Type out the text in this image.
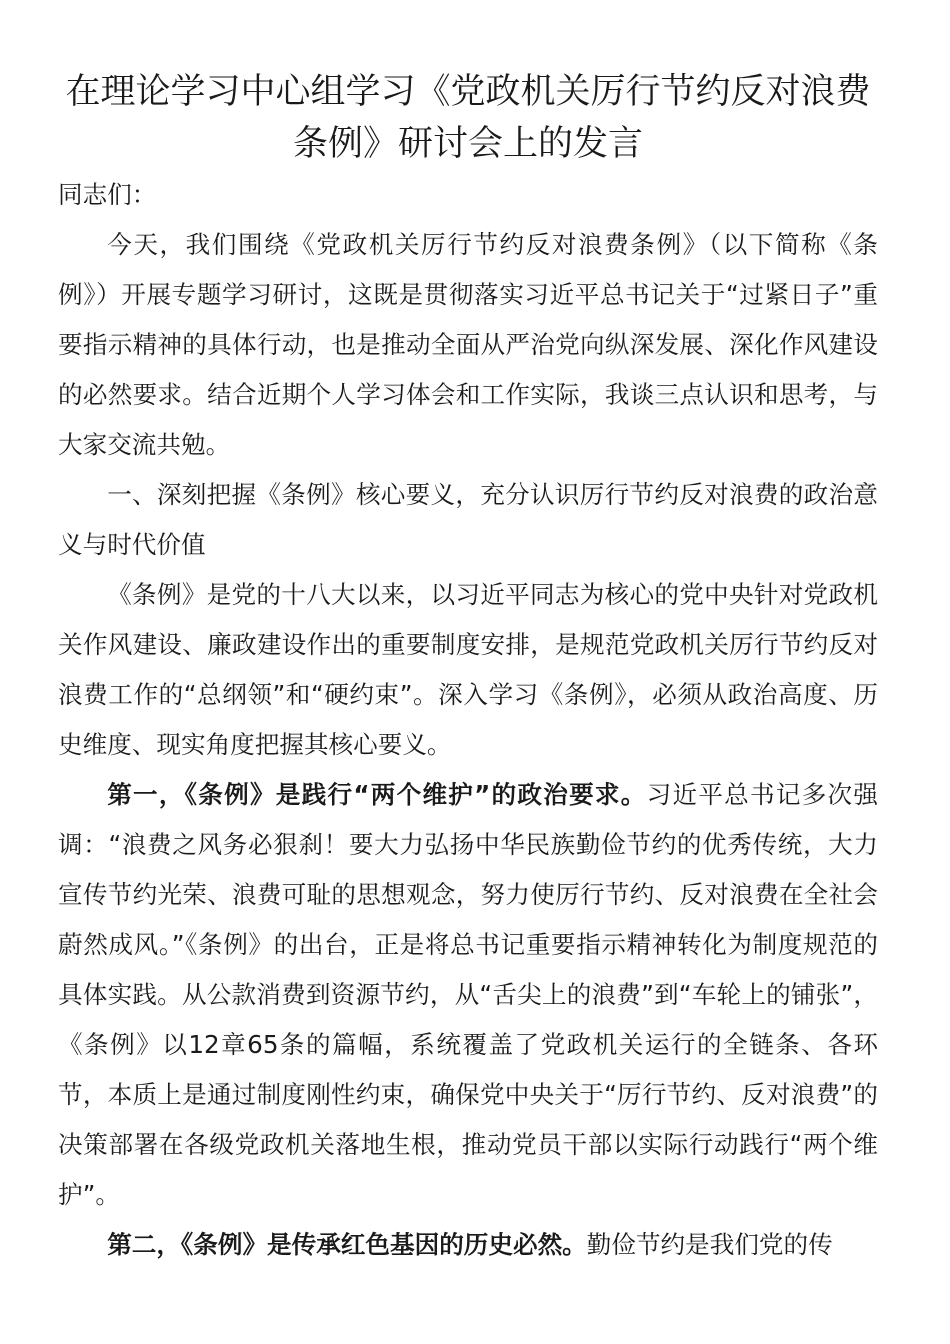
在理论学习中心组学习《党政机关厉行节约反对浪费条例》研讨会上的发言

同志们：

今天，我们围绕《党政机关厉行节约反对浪费条例》（以下简称《条例》）开展专题学习研讨，这既是贯彻落实习近平总书记关于“过紧日子”重要指示精神的具体行动，也是推动全面从严治党向纵深发展、深化作风建设的必然要求。结合近期个人学习体会和工作实际，我谈三点认识和思考，与大家交流共勉。

一、深刻把握《条例》核心要义，充分认识厉行节约反对浪费的政治意义与时代价值

《条例》是党的十八大以来，以习近平同志为核心的党中央针对党政机关作风建设、廉政建设作出的重要制度安排，是规范党政机关厉行节约反对浪费工作的“总纲领”和“硬约束”。深入学习《条例》，必须从政治高度、历史维度、现实角度把握其核心要义。

第一，《条例》是践行“两个维护”的政治要求。习近平总书记多次强调：“浪费之风务必狠刹！要大力弘扬中华民族勤俭节约的优秀传统，大力宣传节约光荣、浪费可耻的思想观念，努力使厉行节约、反对浪费在全社会蔚然成风。”《条例》的出台，正是将总书记重要指示精神转化为制度规范的具体实践。从公款消费到资源节约，从“舌尖上的浪费”到“车轮上的铺张”，《条例》以12章65条的篇幅，系统覆盖了党政机关运行的全链条、各环节，本质上是通过制度刚性约束，确保党中央关于“厉行节约、反对浪费”的决策部署在各级党政机关落地生根，推动党员干部以实际行动践行“两个维护”。

第二，《条例》是传承红色基因的历史必然。勤俭节约是我们党的传
